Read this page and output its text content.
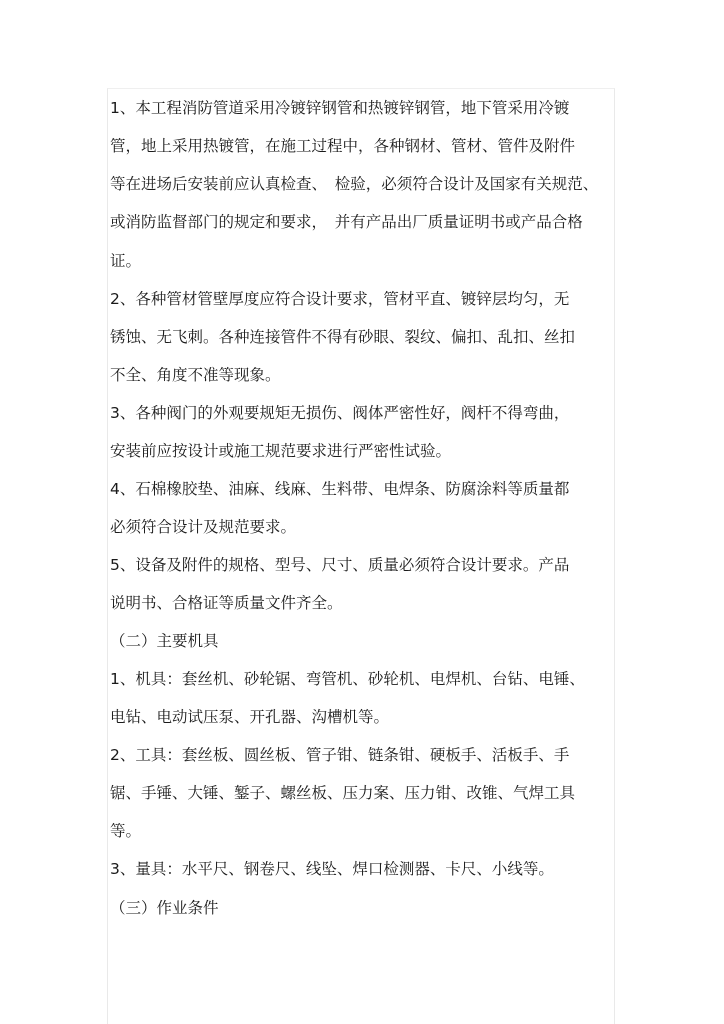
1、本工程消防管道采用冷镀锌钢管和热镀锌钢管，地下管采用冷镀
管，地上采用热镀管，在施工过程中，各种钢材、管材、管件及附件
等在进场后安装前应认真检查、　检验，必须符合设计及国家有关规范、
或消防监督部门的规定和要求，　并有产品出厂质量证明书或产品合格
证。
2、各种管材管壁厚度应符合设计要求，管材平直、镀锌层均匀，无
锈蚀、无飞刺。各种连接管件不得有砂眼、裂纹、偏扣、乱扣、丝扣
不全、角度不准等现象。
3、各种阀门的外观要规矩无损伤、阀体严密性好，阀杆不得弯曲，
安装前应按设计或施工规范要求进行严密性试验。
4、石棉橡胶垫、油麻、线麻、生料带、电焊条、防腐涂料等质量都
必须符合设计及规范要求。
5、设备及附件的规格、型号、尺寸、质量必须符合设计要求。产品
说明书、合格证等质量文件齐全。
（二）主要机具
1、机具：套丝机、砂轮锯、弯管机、砂轮机、电焊机、台钻、电锤、
电钻、电动试压泵、开孔器、沟槽机等。
2、工具：套丝板、圆丝板、管子钳、链条钳、硬板手、活板手、手
锯、手锤、大锤、錾子、螺丝板、压力案、压力钳、改锥、气焊工具
等。
3、量具：水平尺、钢卷尺、线坠、焊口检测器、卡尺、小线等。
（三）作业条件
